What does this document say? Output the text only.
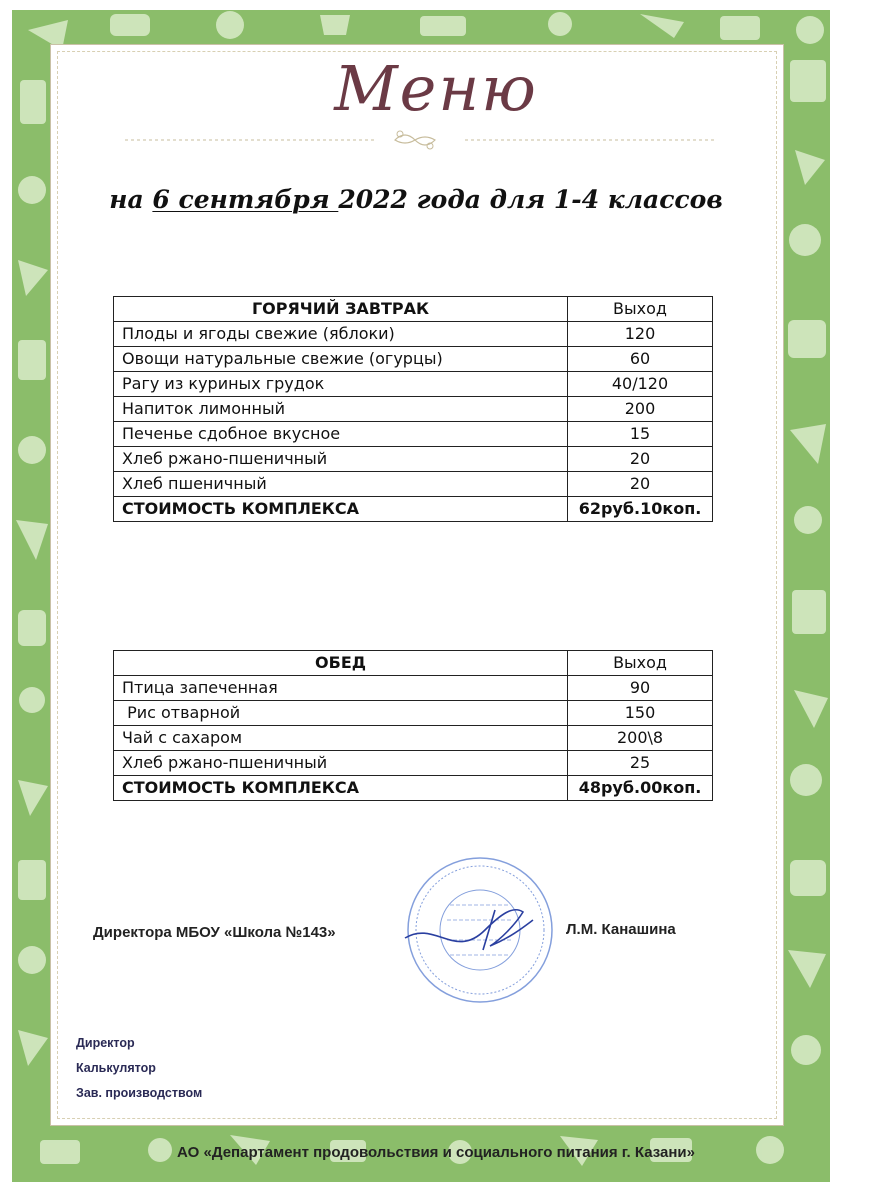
Меню
на 6 сентября 2022 года для 1-4 классов
ГОРЯЧИЙ ЗАВТРАК	Выход
Плоды и ягоды свежие (яблоки)	120
Овощи натуральные свежие (огурцы)	60
Рагу из куриных грудок	40/120
Напиток лимонный	200
Печенье сдобное вкусное	15
Хлеб ржано-пшеничный	20
Хлеб пшеничный	20
СТОИМОСТЬ КОМПЛЕКСА	62руб.10коп.
ОБЕД	Выход
Птица запеченная	90
Рис отварной	150
Чай с сахаром	200\8
Хлеб ржано-пшеничный	25
СТОИМОСТЬ КОМПЛЕКСА	48руб.00коп.
Директора МБОУ «Школа №143»	Л.М. Канашина
Директор
Калькулятор
Зав. производством
АО «Департамент продовольствия и социального питания г. Казани»
